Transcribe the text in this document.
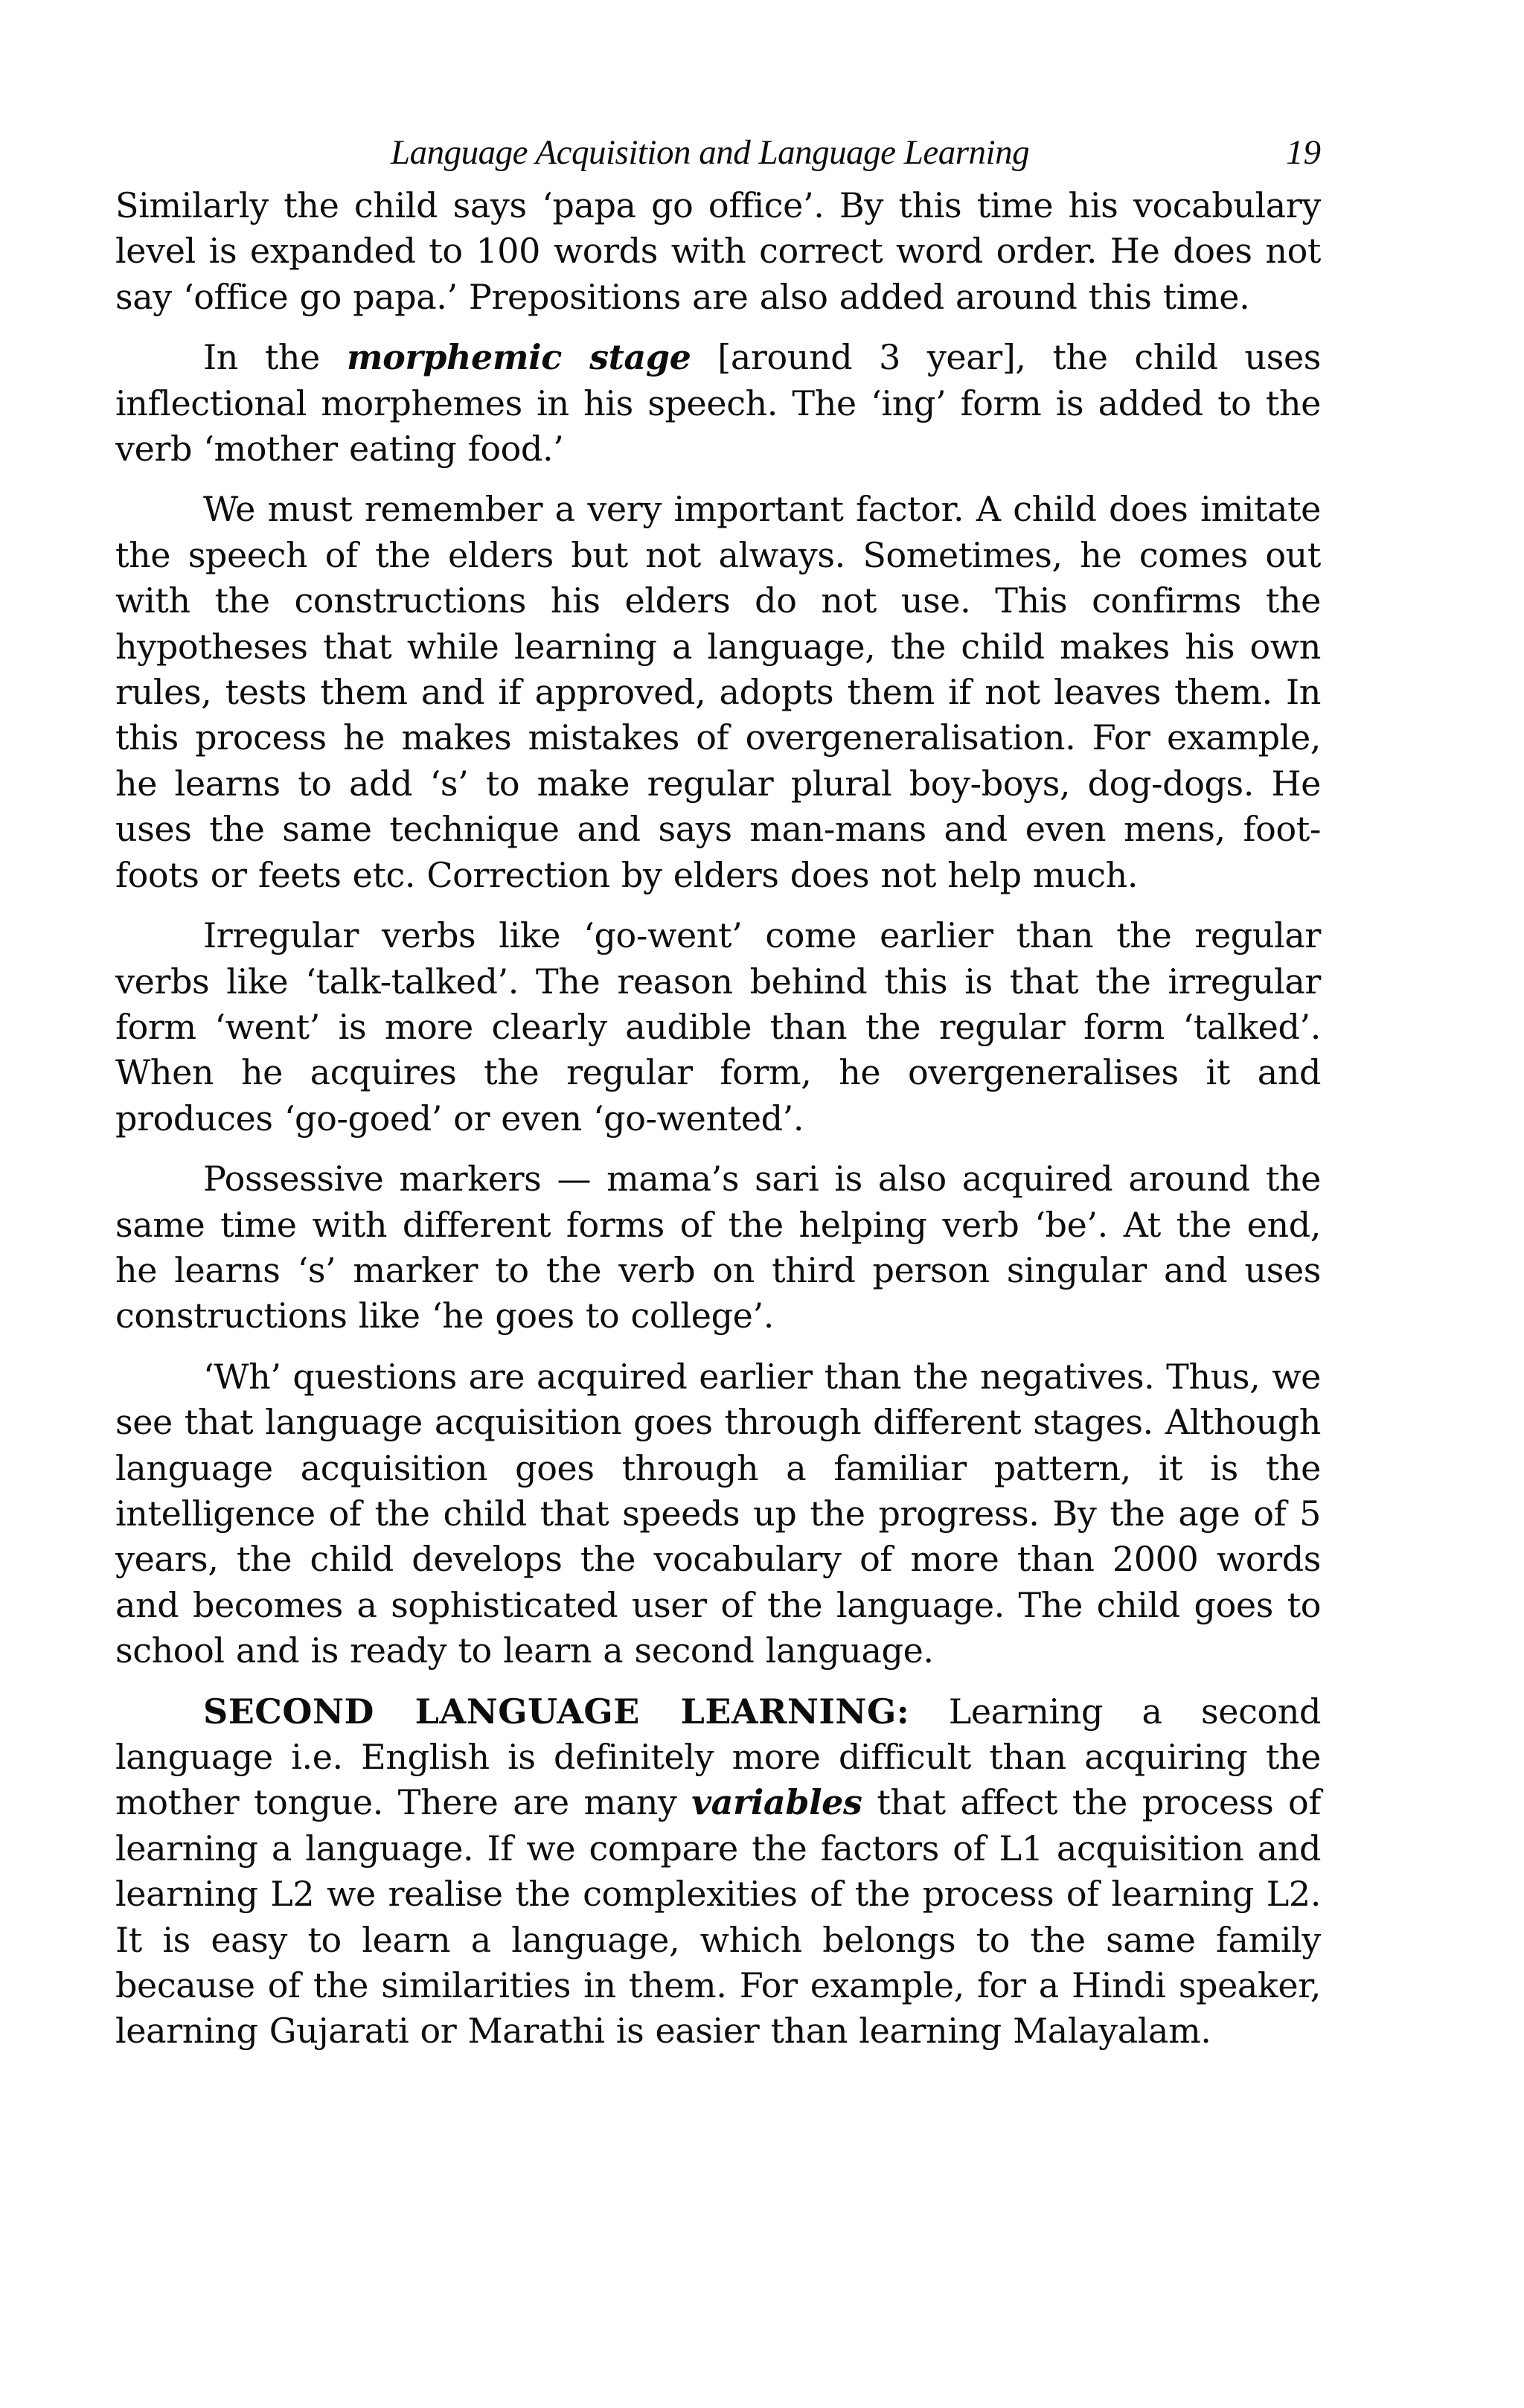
Language Acquisition and Language Learning	19

Similarly the child says ‘papa go office’. By this time his vocabulary level is expanded to 100 words with correct word order. He does not say ‘office go papa.’ Prepositions are also added around this time.

In the morphemic stage [around 3 year], the child uses inflectional morphemes in his speech. The ‘ing’ form is added to the verb ‘mother eating food.’

We must remember a very important factor. A child does imitate the speech of the elders but not always. Sometimes, he comes out with the constructions his elders do not use. This confirms the hypotheses that while learning a language, the child makes his own rules, tests them and if approved, adopts them if not leaves them. In this process he makes mistakes of overgeneralisation. For example, he learns to add ‘s’ to make regular plural boy-boys, dog-dogs. He uses the same technique and says man-mans and even mens, foot-foots or feets etc. Correction by elders does not help much.

Irregular verbs like ‘go-went’ come earlier than the regular verbs like ‘talk-talked’. The reason behind this is that the irregular form ‘went’ is more clearly audible than the regular form ‘talked’. When he acquires the regular form, he overgeneralises it and produces ‘go-goed’ or even ‘go-wented’.

Possessive markers — mama’s sari is also acquired around the same time with different forms of the helping verb ‘be’. At the end, he learns ‘s’ marker to the verb on third person singular and uses constructions like ‘he goes to college’.

‘Wh’ questions are acquired earlier than the negatives. Thus, we see that language acquisition goes through different stages. Although language acquisition goes through a familiar pattern, it is the intelligence of the child that speeds up the progress. By the age of 5 years, the child develops the vocabulary of more than 2000 words and becomes a sophisticated user of the language. The child goes to school and is ready to learn a second language.

SECOND LANGUAGE LEARNING: Learning a second language i.e. English is definitely more difficult than acquiring the mother tongue. There are many variables that affect the process of learning a language. If we compare the factors of L1 acquisition and learning L2 we realise the complexities of the process of learning L2. It is easy to learn a language, which belongs to the same family because of the similarities in them. For example, for a Hindi speaker, learning Gujarati or Marathi is easier than learning Malayalam.
